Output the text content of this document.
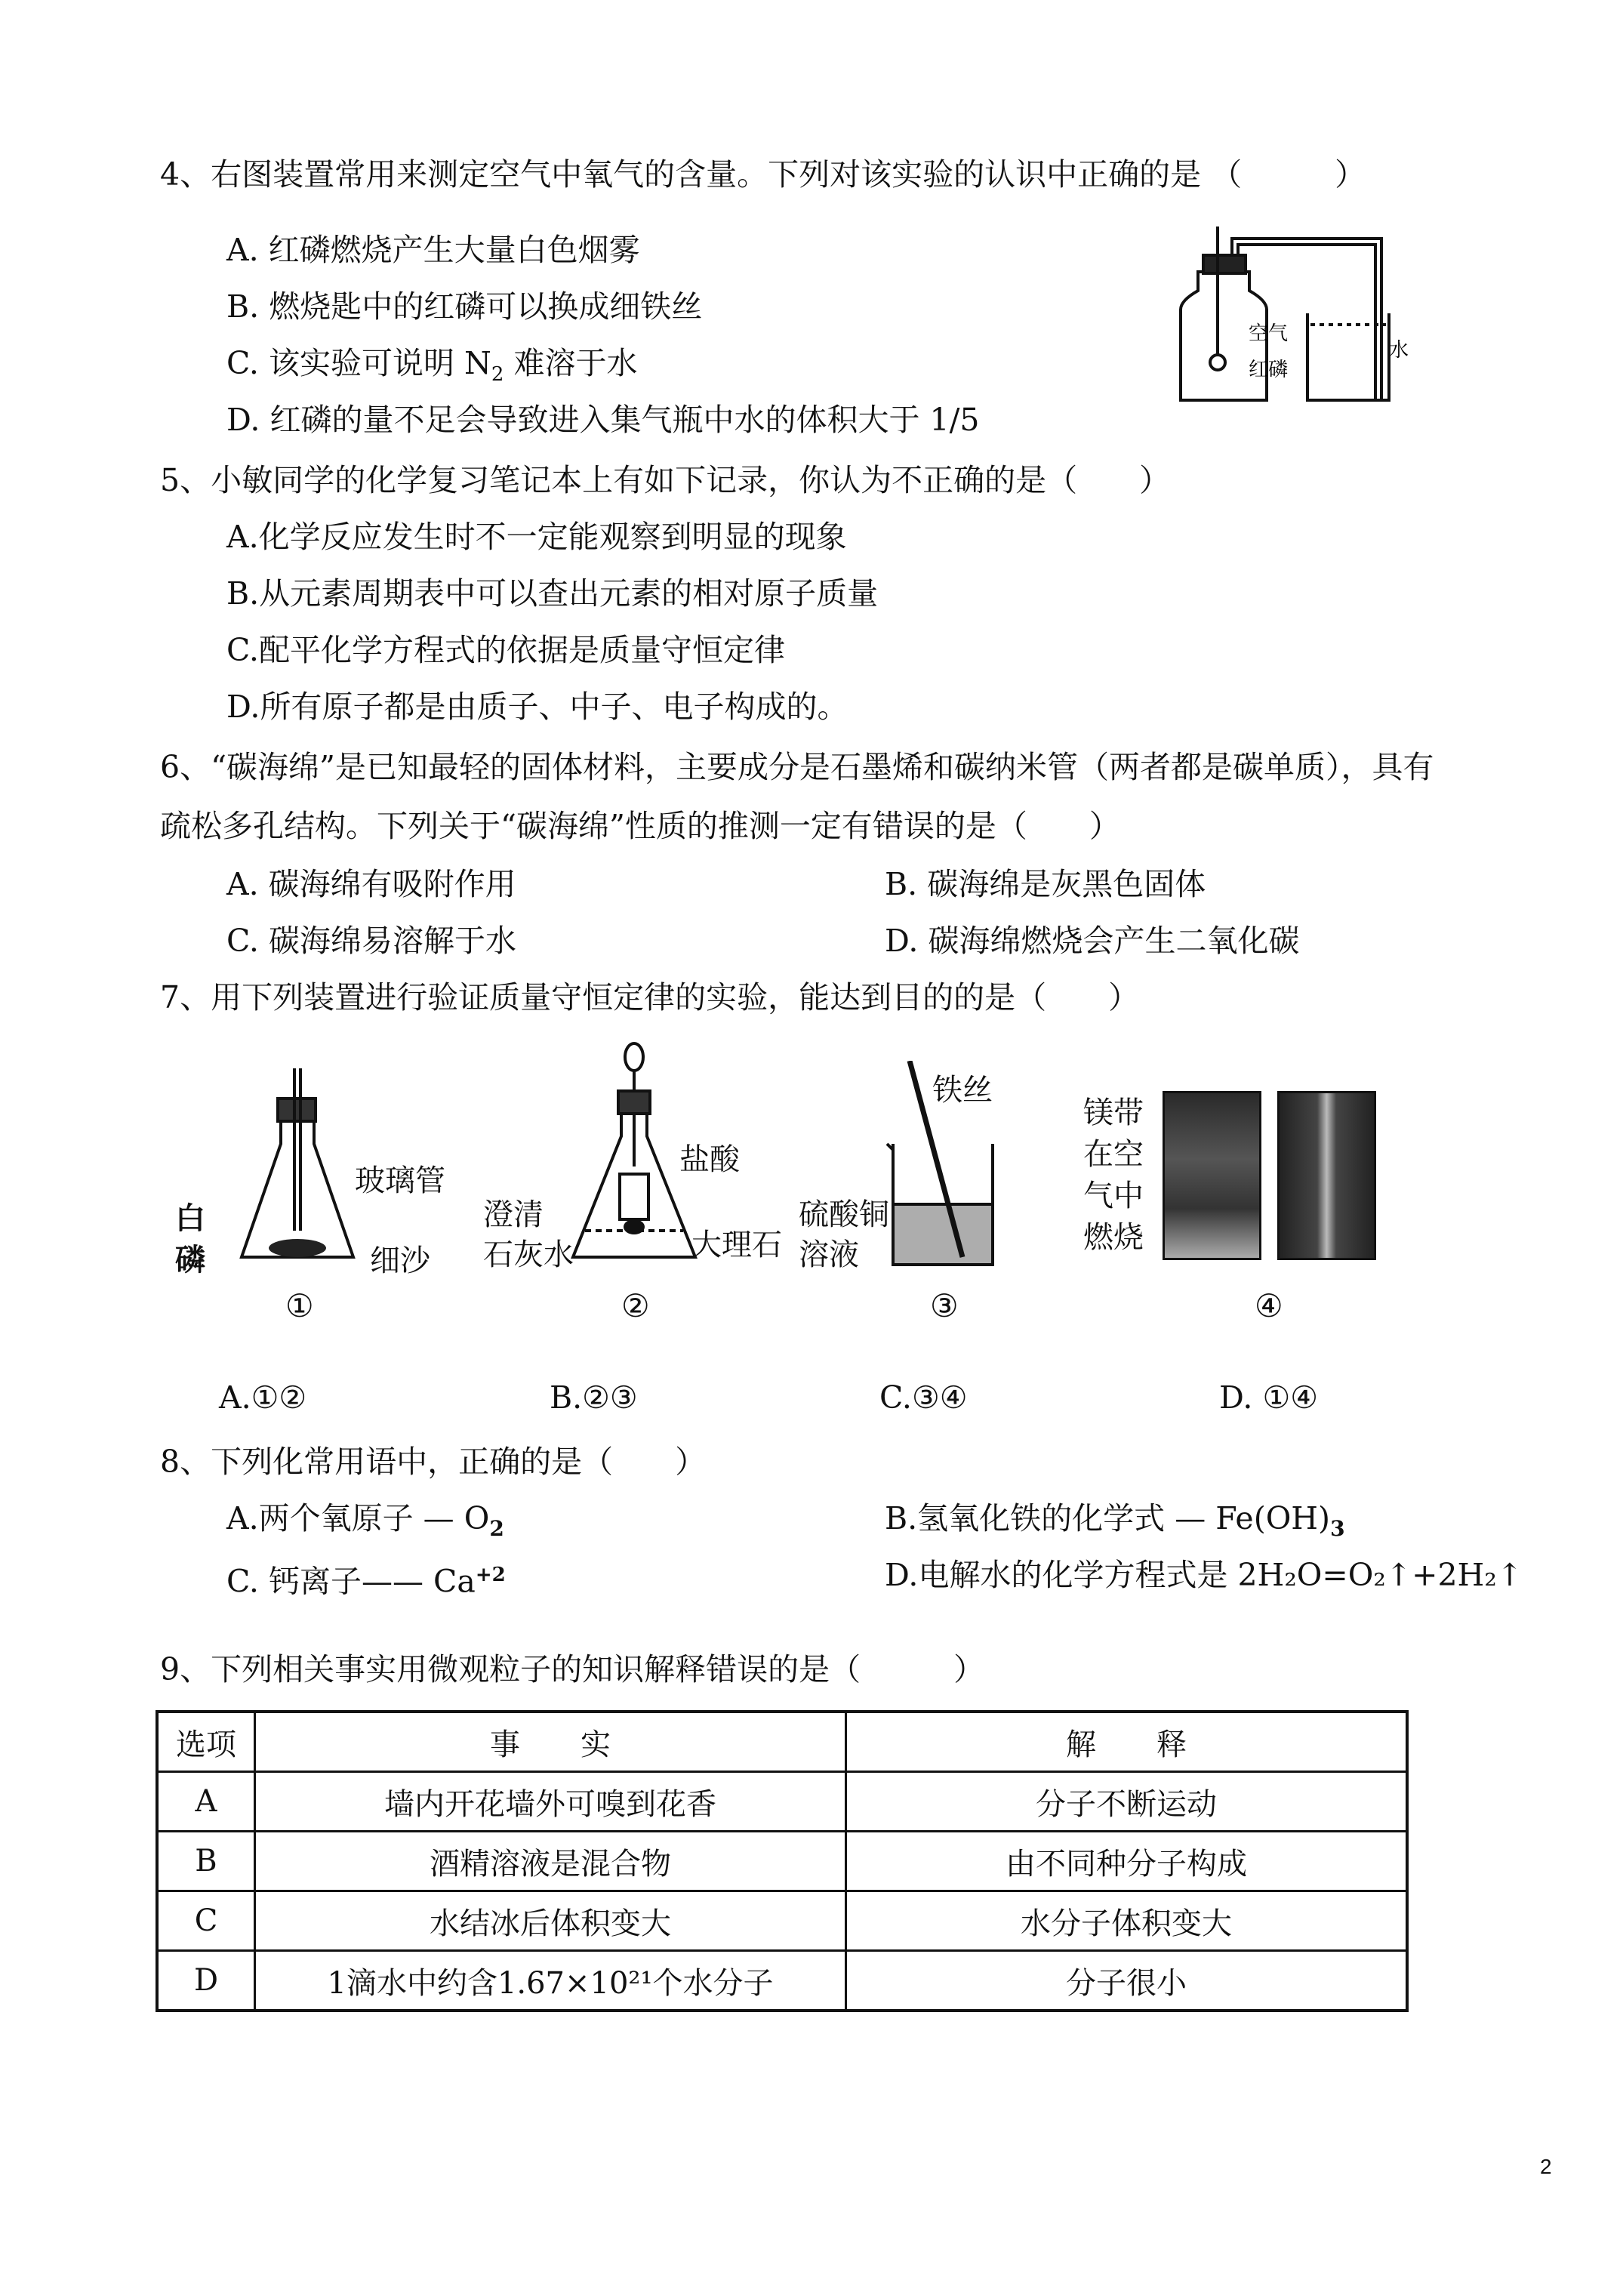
4、右图装置常用来测定空气中氧气的含量。下列对该实验的认识中正确的是 （　　　）
A. 红磷燃烧产生大量白色烟雾
B. 燃烧匙中的红磷可以换成细铁丝
C. 该实验可说明 $N_2$ 难溶于水
D. 红磷的量不足会导致进入集气瓶中水的体积大于 1/5
空气
红磷
水
5、小敏同学的化学复习笔记本上有如下记录，你认为不正确的是（　　）
A.化学反应发生时不一定能观察到明显的现象
B.从元素周期表中可以查出元素的相对原子质量
C.配平化学方程式的依据是质量守恒定律
D.所有原子都是由质子、中子、电子构成的。
6、“碳海绵”是已知最轻的固体材料，主要成分是石墨烯和碳纳米管（两者都是碳单质），具有
疏松多孔结构。下列关于“碳海绵”性质的推测一定有错误的是（　　）
A. 碳海绵有吸附作用	B. 碳海绵是灰黑色固体
C. 碳海绵易溶解于水	D. 碳海绵燃烧会产生二氧化碳
7、用下列装置进行验证质量守恒定律的实验，能达到目的的是（　　）
白
磷
玻璃管
细沙
①
澄清
石灰水
盐酸
大理石
②
铁丝
硫酸铜
溶液
③
镁带
在空
气中
燃烧
④
A.①②	B.②③	C.③④	D. ①④
8、下列化常用语中，正确的是（　　）
A.两个氧原子 — $O_2$	B.氢氧化铁的化学式 — $Fe(OH)_3$
C. 钙离子—— $Ca^{+2}$	D.电解水的化学方程式是 2H₂O=O₂↑+2H₂↑
9、下列相关事实用微观粒子的知识解释错误的是（　　　）
选项	事　　实	解　　释
A	墙内开花墙外可嗅到花香	分子不断运动
B	酒精溶液是混合物	由不同种分子构成
C	水结冰后体积变大	水分子体积变大
D	1滴水中约含1.67×10²¹个水分子	分子很小
2
